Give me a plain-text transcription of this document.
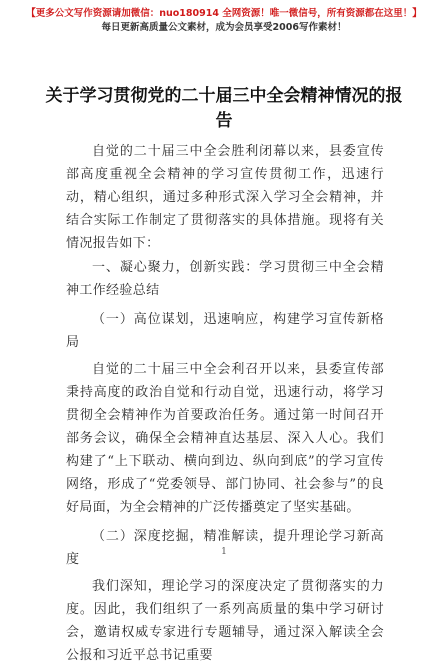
【更多公文写作资源请加微信：nuo180914 全网资源！唯一微信号，所有资源都在这里！】
每日更新高质量公文素材，成为会员享受2006写作素材！
关于学习贯彻党的二十届三中全会精神情况的报告

自觉的二十届三中全会胜利闭幕以来，县委宣传部高度重视全会精神的学习宣传贯彻工作，迅速行动，精心组织，通过多种形式深入学习全会精神，并结合实际工作制定了贯彻落实的具体措施。现将有关情况报告如下：

一、凝心聚力，创新实践：学习贯彻三中全会精神工作经验总结

（一）高位谋划，迅速响应，构建学习宣传新格局

自觉的二十届三中全会利召开以来，县委宣传部秉持高度的政治自觉和行动自觉，迅速行动，将学习贯彻全会精神作为首要政治任务。通过第一时间召开部务会议，确保全会精神直达基层、深入人心。我们构建了“上下联动、横向到边、纵向到底”的学习宣传网络，形成了“党委领导、部门协同、社会参与”的良好局面，为全会精神的广泛传播奠定了坚实基础。

（二）深度挖掘，精准解读，提升理论学习新高度

我们深知，理论学习的深度决定了贯彻落实的力度。因此，我们组织了一系列高质量的集中学习研讨会，邀请权威专家进行专题辅导，通过深入解读全会公报和习近平总书记重要

1
